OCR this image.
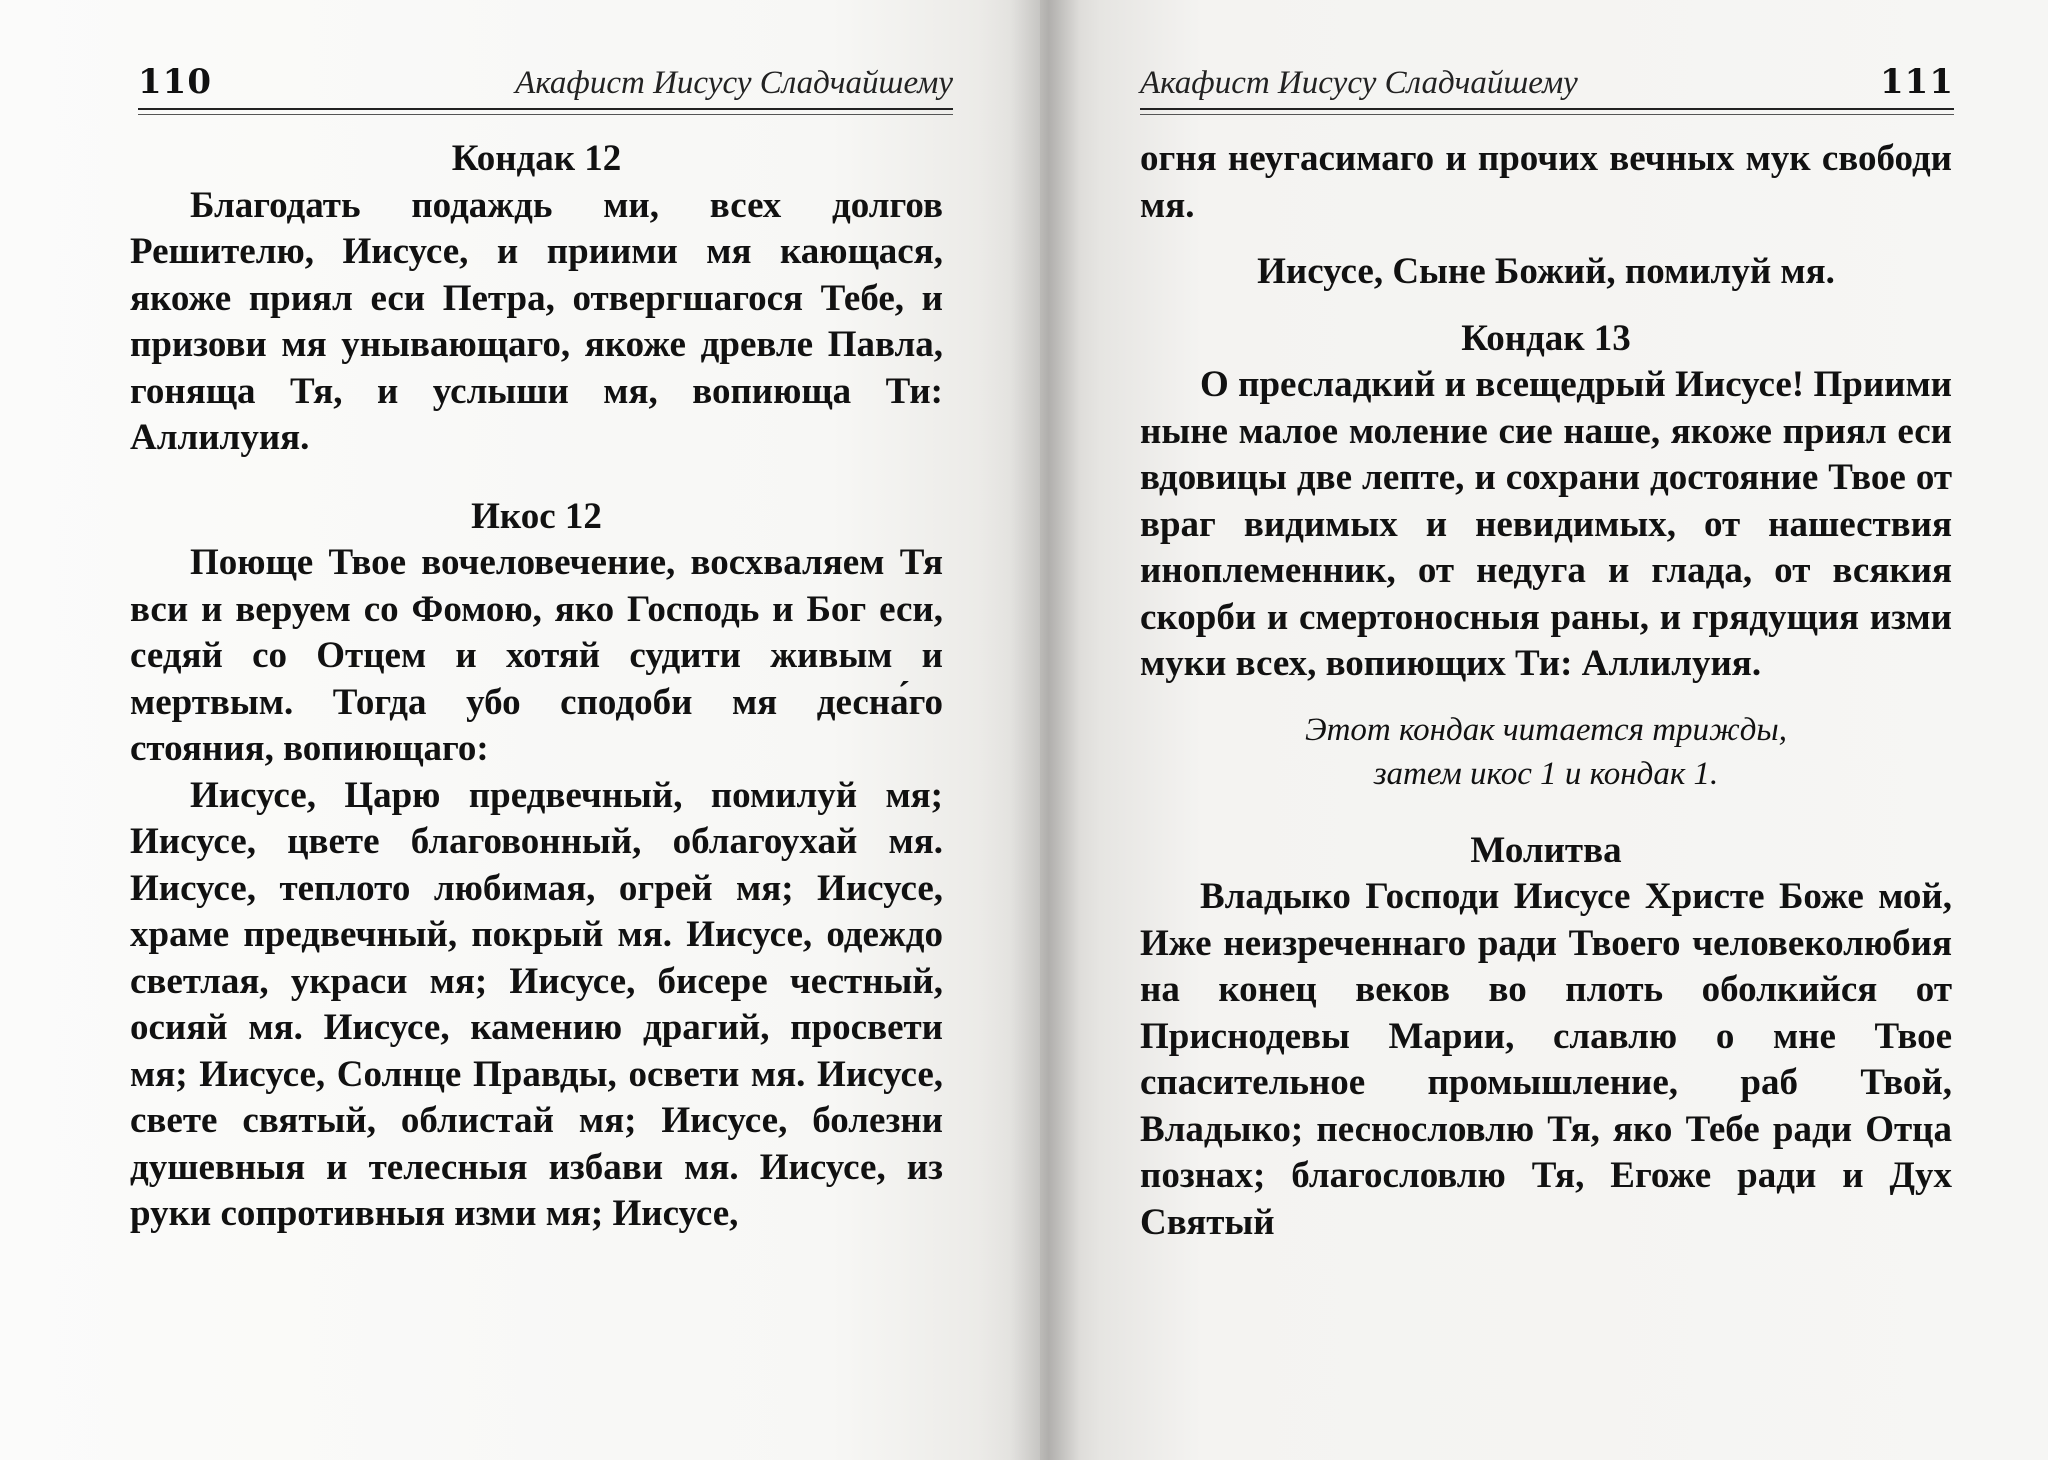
110	Акафист Иисусу Сладчайшему

Кондак 12

Благодать подаждь ми, всех долгов Решителю, Иисусе, и приими мя кающася, якоже приял еси Петра, отвергшагося Тебе, и призови мя унывающаго, якоже древле Павла, гоняща Тя, и услыши мя, вопиюща Ти: Аллилуия.

Икос 12

Поюще Твое вочеловечение, восхваляем Тя вси и веруем со Фомою, яко Господь и Бог еси, седяй со Отцем и хотяй судити живым и мертвым. Тогда убо сподоби мя десна́го стояния, вопиющаго:

Иисусе, Царю предвечный, помилуй мя; Иисусе, цвете благовонный, облагоухай мя. Иисусе, теплото любимая, огрей мя; Иисусе, храме предвечный, покрый мя. Иисусе, одеждо светлая, украси мя; Иисусе, бисере честный, осияй мя. Иисусе, камению драгий, просвети мя; Иисусе, Солнце Правды, освети мя. Иисусе, свете святый, облистай мя; Иисусе, болезни душевныя и телесныя избави мя. Иисусе, из руки сопротивныя изми мя; Иисусе,

Акафист Иисусу Сладчайшему	111

огня неугасимаго и прочих вечных мук свободи мя.

Иисусе, Сыне Божий, помилуй мя.

Кондак 13

О пресладкий и всещедрый Иисусе! Приими ныне малое моление сие наше, якоже приял еси вдовицы две лепте, и сохрани достояние Твое от враг видимых и невидимых, от нашествия иноплеменник, от недуга и глада, от всякия скорби и смертоносныя раны, и грядущия изми муки всех, вопиющих Ти: Аллилуия.

Этот кондак читается трижды,

затем икос 1 и кондак 1.

Молитва

Владыко Господи Иисусе Христе Боже мой, Иже неизреченнаго ради Твоего человеколюбия на конец веков во плоть оболкийся от Приснодевы Марии, славлю о мне Твое спасительное промышление, раб Твой, Владыко; песнословлю Тя, яко Тебе ради Отца познах; благословлю Тя, Егоже ради и Дух Святый
